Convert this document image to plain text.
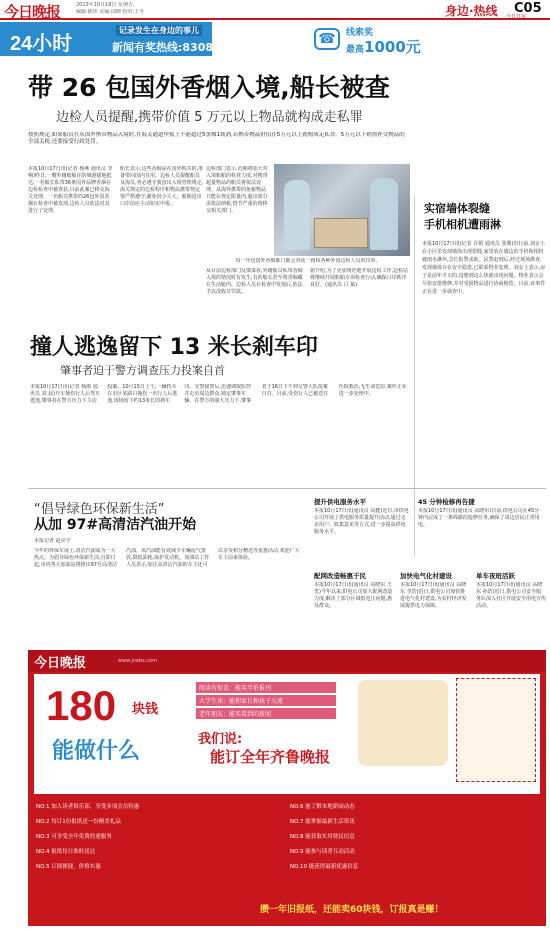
今日晚报	2013年10月18日 星期五
编辑:陈伟 美编:邱晓 校对:王冬	身边·热线 C05
今日日报
24小时
记录发生在身边的事儿
新闻有奖热线:8308110
☎	线索奖
最高1000元
带 26 包国外香烟入境,船长被查
边检人员提醒,携带价值 5 万元以上物品就构成走私罪
按照规定,如果船员在从国外携带物品入境时,在海关通道申报上不能超过5条烟1瓶酒,若携带物品价值在5万元以上就构成走私罪。5万元以下则需补交物品的全部关税,还要接受行政处罚。
本报10月17日讯(记者 杨燕 通讯员 李 响)昨日,一艘外籍船舶在防城港锚地抵达,一名船长私带36条国外品牌香烟在边检检查中被查获,目前此案已移交海关处理。一名船员携带的26包外国香烟在检查中被发现,边检人员依法对其进行了处理。
船长表示,这些香烟是在国外购买的,准备带回国内自用。边检人员提醒船员及海员,务必遵守我国出入境管理规定,海关规定的边检程序和物品携带规定要严格遵守,避免因小失大。船舶进出口岸前应主动如实申报。
边检部门表示,近期将加大对入境船舶的检查力度,对携带超量物品的船员将依法处理。从海外携带的免税物品只能在规定限量内,超出部分需依法纳税,情节严重的将移交相关部门。
每一年包国外香烟都门都会查获一箱和各种外国边检人员的罚单。
从目前边检部门反馈来看,外籍船员私带香烟入境的情况时有发生,有的船长甚至将香烟藏在生活舱内。边检人员在检查中发现后,依法予以没收并罚款。
据介绍,为了更加规范地开展边检工作,边检站将继续开展船舶专项检查行动,确保口岸秩序良好。(通讯员 吕 斌)
实宿墙体裂缝
手机相机遭雨淋
本报10月17日讯(记者 许娟 通讯员 张翼)出行前,刘女士在小区里发现墙体出现裂缝,家里放在墙边的手机和相机被雨水淋坏,急忙报警求助。民警赶到后,经过现场勘查,发现墙体存在安全隐患,已联系物业处理。刘女士表示,房子是前年才买的,没想到这么快就出现问题。物业表示会尽快安排维修,并对受损物品进行协商赔偿。目前,该事件正在进一步调查中。
撞人逃逸留下 13 米长刹车印
肇事者迫于警方调查压力投案自首
本报10月17日讯(记者 杨雨 通讯员 刘 晨)开车撞伤行人后驾车逃逸,肇事者在警方压力下主动投案。10月15日上午,一辆轿车在市区某路口撞伤一名行人后逃逸,现场留下约13米长的刹车印。交警接警后,迅速调取监控并走访周边群众,锁定肇事车辆。在警方的强大压力下,肇事者于16日下午到交警大队投案自首。目前,受伤行人已被送往医院救治,无生命危险,案件正在进一步处理中。
“倡导绿色环保新生活”
从加 97#高清洁汽油开始
本报记者 赵亮宇
今年的环保车展上,清洁汽油成为一大热点。为倡导绿色环保新生活,自即日起,市内各大加油站将推出97号高清洁汽油。该汽油能有效减少车辆尾气排放,降低油耗,保护发动机。加油站工作人员表示,加注高清洁汽油的车主还可以享受积分赠送等优惠活动,欢迎广大车主前来体验。
提升供电服务水平
本报10月17日讯(通讯员 高健)近日,市供电公司开展了供电服务质量提升活动,通过走访用户、收集意见等方式,进一步提高供电服务水平。
45 分钟检修再告捷
本报10月17日讯(通讯员 高晓东)日前,供电公司在45分钟内完成了一条线路的抢修任务,确保了周边居民正常用电。
配网改造畅惠于民
本报10月17日讯(通讯员 高晓东 王勇)今年以来,供电公司加大配网改造力度,解决了部分区域低电压问题,惠及群众。
加快电气化村建设
本报10月17日讯(通讯员 高晓东 李浩)近日,供电公司加快推进电气化村建设,为农村经济发展提供电力保障。
单车夜班活跃
本报10月17日讯(通讯员 高晓东 孙浩)近日,供电公司安全服务队深入社区开展安全用电宣传活动。
今日晚报	www.jrwbs.com
180 块钱
能做什么
阅读有惊喜：能买半价报刊
大学生读：能和家长和孩子交流
老年朋友：能买看到的新闻
我们说:
能订全年齐鲁晚报
NO.1 加入读者俱乐部，享受多项会员特惠
NO.2 每订1份报纸送一份精美礼品
NO.3 可享受全年免费投递服务
NO.4 报纸每日准时送达
NO.5 订阅便捷，价格实惠
NO.6 能了解本地新闻动态
NO.7 能掌握最新生活资讯
NO.8 能获取实用便民信息
NO.9 能参与读者互动活动
NO.10 能获得最新优惠信息
攒一年旧报纸，还能卖60块钱，订报真是赚！
